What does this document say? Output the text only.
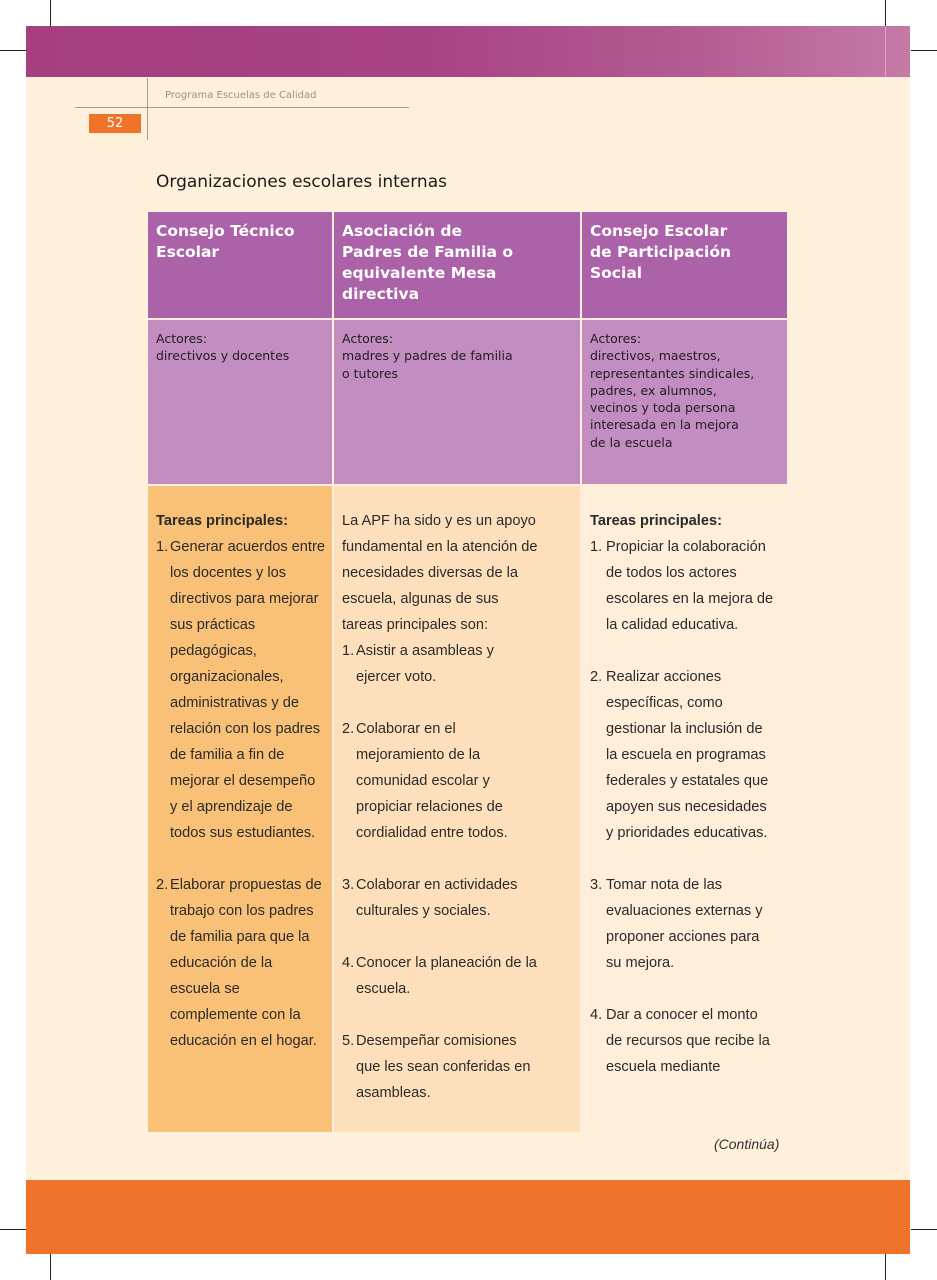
Programa Escuelas de Calidad
52
Organizaciones escolares internas
Consejo Técnico Escolar
Asociación de Padres de Familia o equivalente Mesa directiva
Consejo Escolar de Participación Social
Actores:
directivos y docentes
Actores:
madres y padres de familia o tutores
Actores:
directivos, maestros, representantes sindicales, padres, ex alumnos, vecinos y toda persona interesada en la mejora de la escuela
Tareas principales:
1. Generar acuerdos entre los docentes y los directivos para mejorar sus prácticas pedagógicas, organizacionales, administrativas y de relación con los padres de familia a fin de mejorar el desempeño y el aprendizaje de todos sus estudiantes.
2. Elaborar propuestas de trabajo con los padres de familia para que la educación de la escuela se complemente con la educación en el hogar.

La APF ha sido y es un apoyo fundamental en la atención de necesidades diversas de la escuela, algunas de sus tareas principales son:

1. Asistir a asambleas y ejercer voto.
2. Colaborar en el mejoramiento de la comunidad escolar y propiciar relaciones de cordialidad entre todos.
3. Colaborar en actividades culturales y sociales.
4. Conocer la planeación de la escuela.
5. Desempeñar comisiones que les sean conferidas en asambleas.
Tareas principales:
1. Propiciar la colaboración de todos los actores escolares en la mejora de la calidad educativa.
2. Realizar acciones específicas, como gestionar la inclusión de la escuela en programas federales y estatales que apoyen sus necesidades y prioridades educativas.
3. Tomar nota de las evaluaciones externas y proponer acciones para su mejora.
4. Dar a conocer el monto de recursos que recibe la escuela mediante
(Continúa)
